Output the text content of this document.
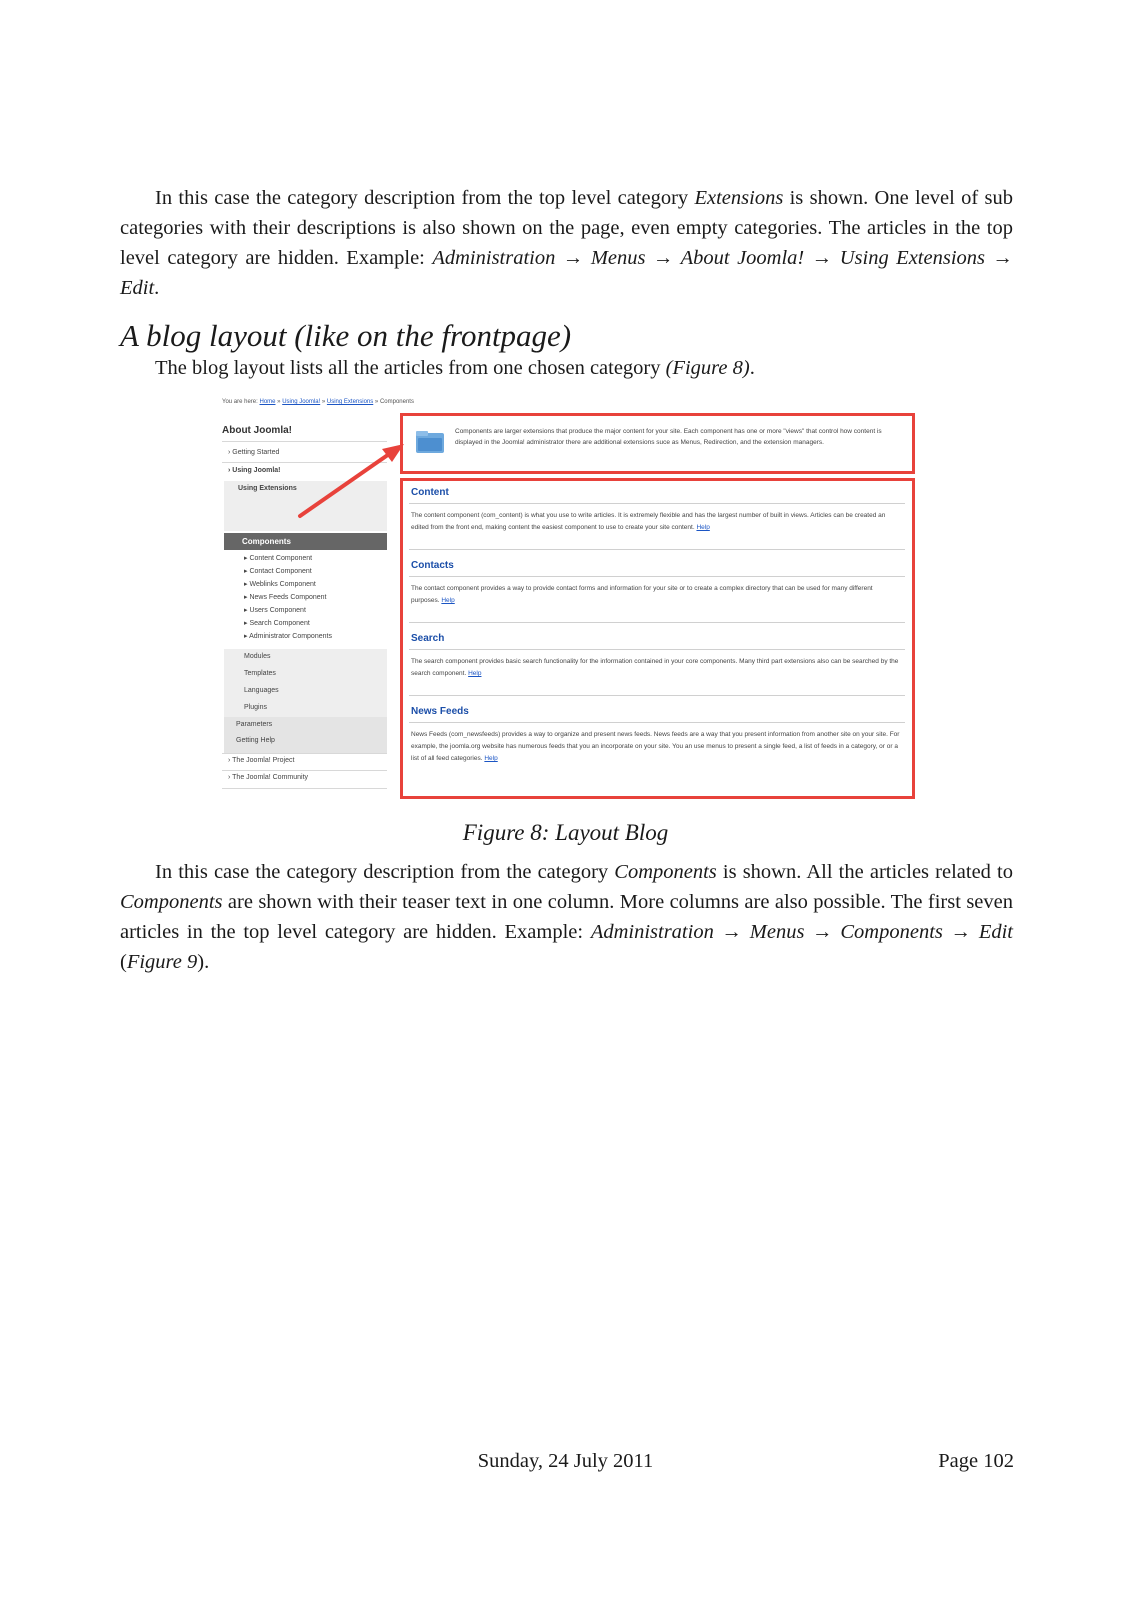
In this case the category description from the top level category Extensions is shown. One level of sub categories with their descriptions is also shown on the page, even empty categories. The articles in the top level category are hidden. Example: Administration → Menus → About Joomla! → Using Extensions → Edit.

A blog layout (like on the frontpage)

The blog layout lists all the articles from one chosen category (Figure 8).

You are here: Home » Using Joomla! » Using Extensions » Components
About Joomla!
› Getting Started
› Using Joomla!
Using Extensions
Components
▸ Content Component
▸ Contact Component
▸ Weblinks Component
▸ News Feeds Component
▸ Users Component
▸ Search Component
▸ Administrator Components
Modules
Templates
Languages
Plugins
Parameters
Getting Help
› The Joomla! Project
› The Joomla! Community
Components are larger extensions that produce the major content for your site. Each component has one or more "views" that control how content is displayed in the Joomla! administrator there are additional extensions suce as Menus, Redirection, and the extension managers.
Content
The content component (com_content) is what you use to write articles. It is extremely flexible and has the largest number of built in views. Articles can be created an edited from the front end, making content the easiest component to use to create your site content. Help
Contacts
The contact component provides a way to provide contact forms and information for your site or to create a complex directory that can be used for many different purposes. Help
Search
The search component provides basic search functionality for the information contained in your core components. Many third part extensions also can be searched by the search component. Help
News Feeds
News Feeds (com_newsfeeds) provides a way to organize and present news feeds. News feeds are a way that you present information from another site on your site. For example, the joomla.org website has numerous feeds that you an incorporate on your site. You an use menus to present a single feed, a list of feeds in a category, or or a list of all feed categories. Help

Figure 8: Layout Blog

In this case the category description from the category Components is shown. All the articles related to Components are shown with their teaser text in one column. More columns are also possible. The first seven articles in the top level category are hidden. Example: Administration → Menus → Components → Edit (Figure 9).

Sunday, 24 July 2011	Page 102
